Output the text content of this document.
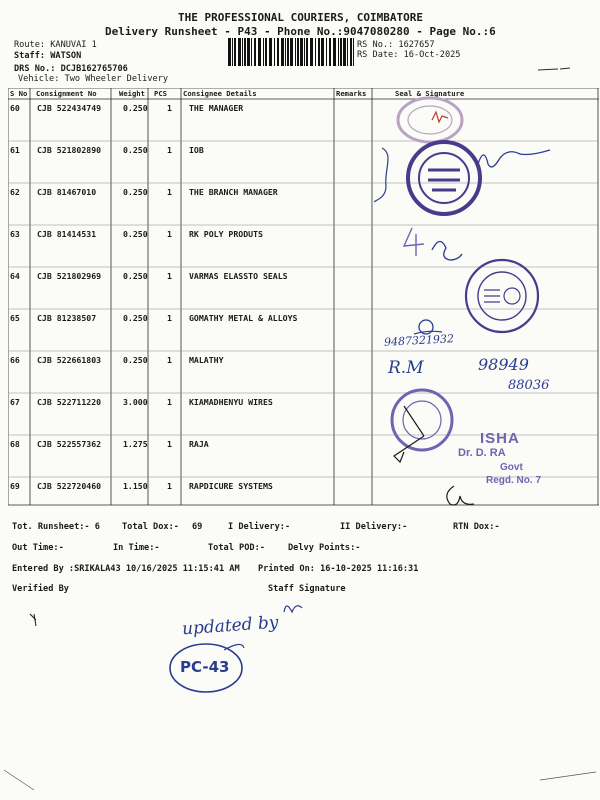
THE PROFESSIONAL COURIERS, COIMBATORE
Delivery Runsheet - P43 - Phone No.:9047080280 - Page No.:6
Route: KANUVAI 1
Staff: WATSON
DRS No.: DCJB162765706
Vehicle: Two Wheeler Delivery
RS No.: 1627657
RS Date: 16-Oct-2025
S No Consignment No	Weight PCS Consignee Details	Remarks	Seal & Signature
60 CJB 522434749	0.250 1 THE MANAGER
61 CJB 521802890	0.250 1 IOB
62 CJB 81467010	0.250 1 THE BRANCH MANAGER
63 CJB 81414531	0.250 1 RK POLY PRODUTS
64 CJB 521802969	0.250 1 VARMAS ELASSTO SEALS
65 CJB 81238507	0.250 1 GOMATHY METAL & ALLOYS
66 CJB 522661803	0.250 1 MALATHY
67 CJB 522711220	3.000 1 KIAMADHENYU WIRES
68 CJB 522557362	1.275 1 RAJA
69 CJB 522720460	1.150 1 RAPDICURE SYSTEMS
9487321932
R.M	98949
88036
ISHA
Dr. D. RA
Govt
Regd. No. 7
Tot. Runsheet:- 6	Total Dox:- 69	I Delivery:-	II Delivery:-	RTN Dox:-
Out Time:-	In Time:-	Total POD:-	Delvy Points:-
Entered By :SRIKALA43 10/16/2025 11:15:41 AM Printed On: 16-10-2025 11:16:31
Verified By	Staff Signature
updated by
PC-43
